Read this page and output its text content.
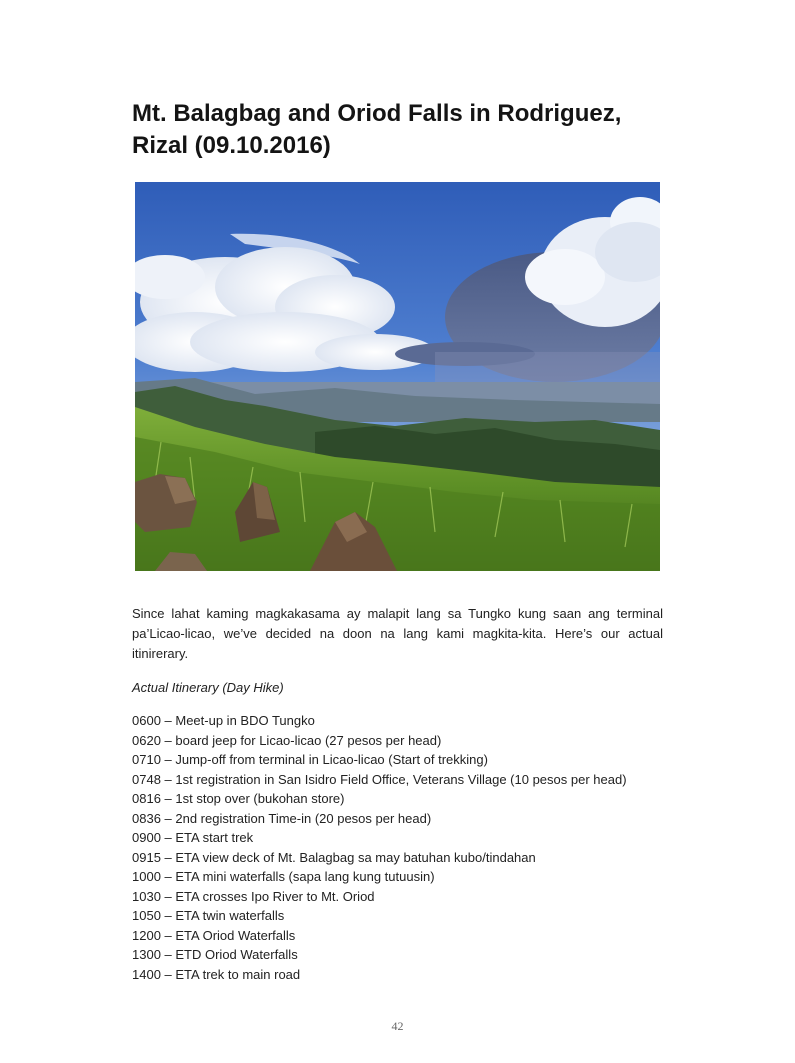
Mt. Balagbag and Oriod Falls in Rodriguez, Rizal (09.10.2016)

Since lahat kaming magkakasama ay malapit lang sa Tungko kung saan ang terminal pa’Licao-licao, we’ve decided na doon na lang kami magkita-kita. Here’s our actual itinirerary.

Actual Itinerary (Day Hike)

0600 – Meet-up in BDO Tungko
0620 – board jeep for Licao-licao (27 pesos per head)
0710 – Jump-off from terminal in Licao-licao (Start of trekking)
0748 – 1st registration in San Isidro Field Office, Veterans Village (10 pesos per head)
0816 – 1st stop over (bukohan store)
0836 – 2nd registration Time-in (20 pesos per head)
0900 – ETA start trek
0915 – ETA view deck of Mt. Balagbag sa may batuhan kubo/tindahan
1000 – ETA mini waterfalls (sapa lang kung tutuusin)
1030 – ETA crosses Ipo River to Mt. Oriod
1050 – ETA twin waterfalls
1200 – ETA Oriod Waterfalls
1300 – ETD Oriod Waterfalls
1400 – ETA trek to main road
42
